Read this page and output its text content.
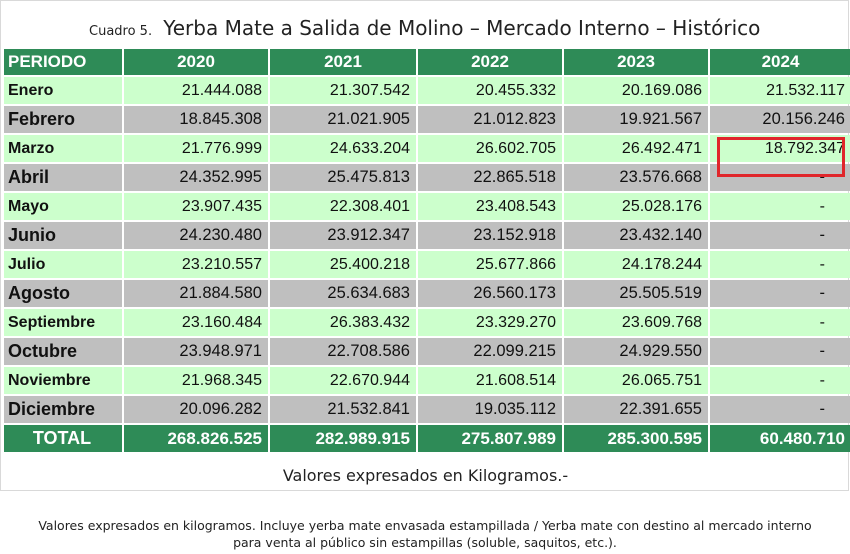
Cuadro 5. Yerba Mate a Salida de Molino – Mercado Interno – Histórico
PERIODO	2020	2021	2022	2023	2024
Enero	21.444.088	21.307.542	20.455.332	20.169.086	21.532.117
Febrero	18.845.308	21.021.905	21.012.823	19.921.567	20.156.246
Marzo	21.776.999	24.633.204	26.602.705	26.492.471	18.792.347
Abril	24.352.995	25.475.813	22.865.518	23.576.668	-
Mayo	23.907.435	22.308.401	23.408.543	25.028.176	-
Junio	24.230.480	23.912.347	23.152.918	23.432.140	-
Julio	23.210.557	25.400.218	25.677.866	24.178.244	-
Agosto	21.884.580	25.634.683	26.560.173	25.505.519	-
Septiembre	23.160.484	26.383.432	23.329.270	23.609.768	-
Octubre	23.948.971	22.708.586	22.099.215	24.929.550	-
Noviembre	21.968.345	22.670.944	21.608.514	26.065.751	-
Diciembre	20.096.282	21.532.841	19.035.112	22.391.655	-
TOTAL	268.826.525	282.989.915	275.807.989	285.300.595	60.480.710
Valores expresados en Kilogramos.-
Valores expresados en kilogramos. Incluye yerba mate envasada estampillada / Yerba mate con destino al mercado interno
para venta al público sin estampillas (soluble, saquitos, etc.).
